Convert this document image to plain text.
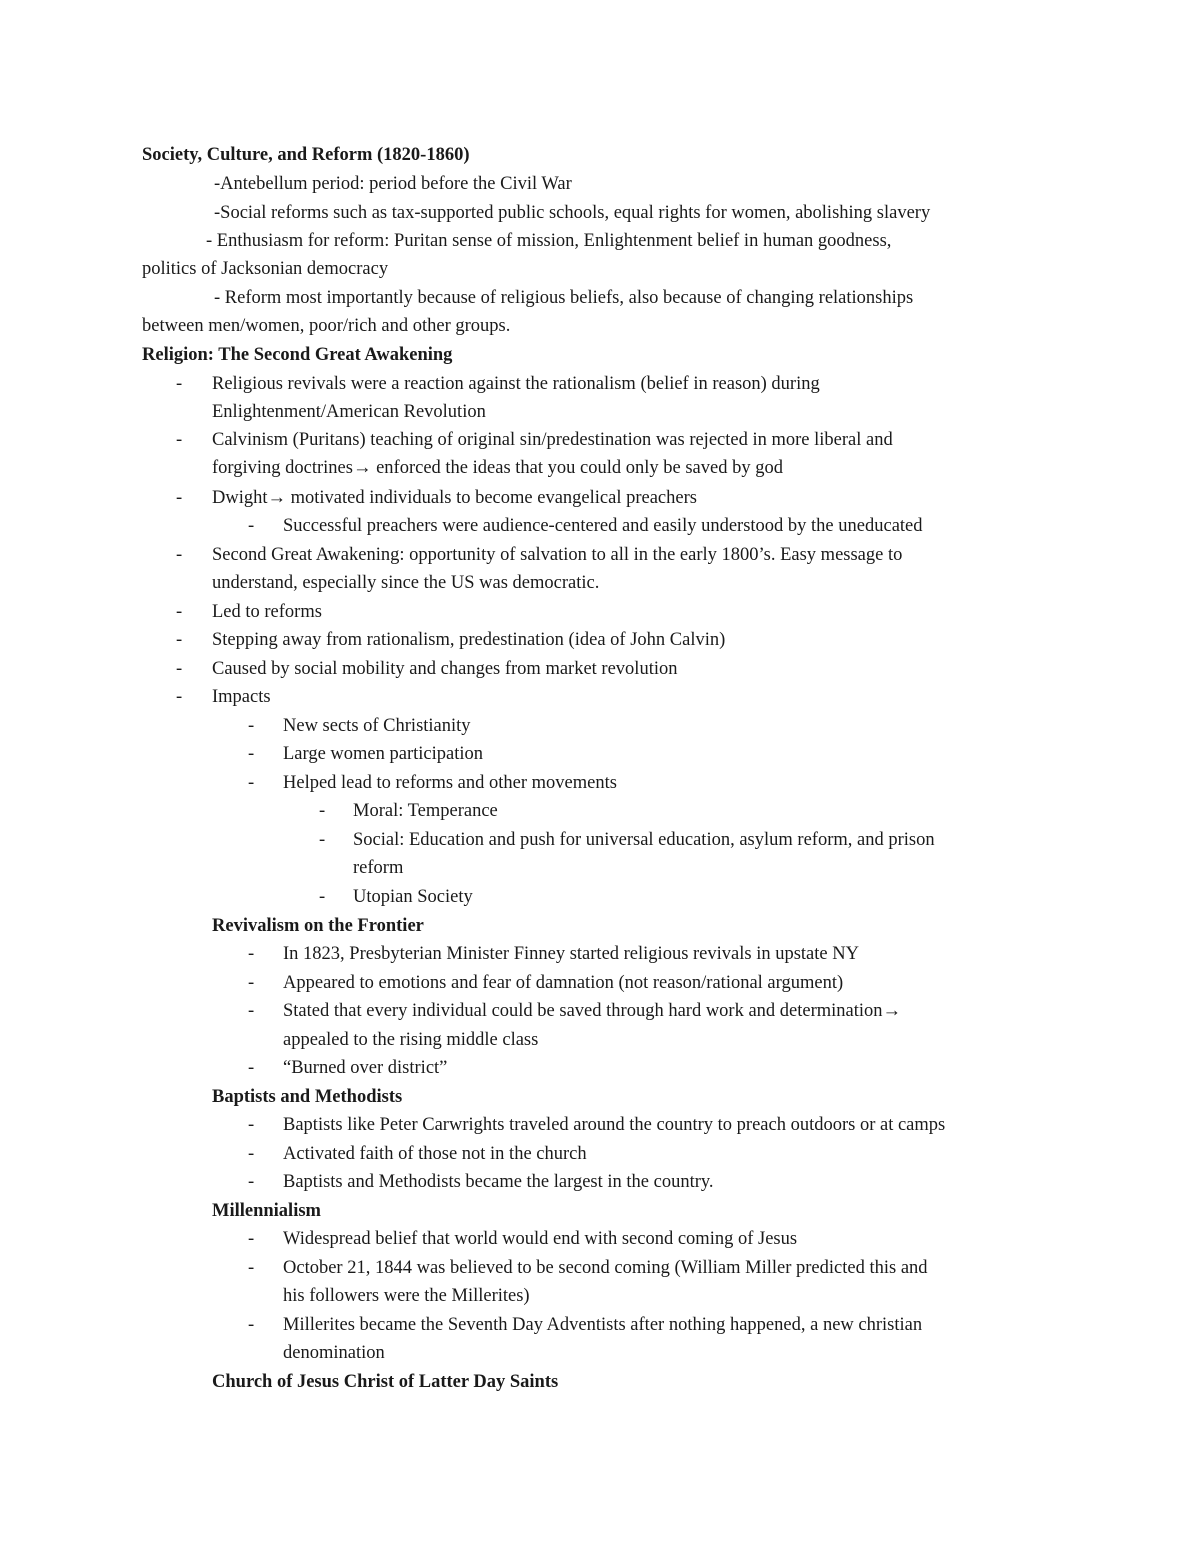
Society, Culture, and Reform (1820-1860)
-Antebellum period: period before the Civil War
-Social reforms such as tax-supported public schools, equal rights for women, abolishing slavery
- Enthusiasm for reform: Puritan sense of mission, Enlightenment belief in human goodness,
politics of Jacksonian democracy
- Reform most importantly because of religious beliefs, also because of changing relationships
between men/women, poor/rich and other groups.
Religion: The Second Great Awakening
- Religious revivals were a reaction against the rationalism (belief in reason) during
Enlightenment/American Revolution
- Calvinism (Puritans) teaching of original sin/predestination was rejected in more liberal and
forgiving doctrines→ enforced the ideas that you could only be saved by god
- Dwight→ motivated individuals to become evangelical preachers
- Successful preachers were audience-centered and easily understood by the uneducated
- Second Great Awakening: opportunity of salvation to all in the early 1800’s. Easy message to
understand, especially since the US was democratic.
- Led to reforms
- Stepping away from rationalism, predestination (idea of John Calvin)
- Caused by social mobility and changes from market revolution
- Impacts
- New sects of Christianity
- Large women participation
- Helped lead to reforms and other movements
- Moral: Temperance
- Social: Education and push for universal education, asylum reform, and prison
reform
- Utopian Society
Revivalism on the Frontier
- In 1823, Presbyterian Minister Finney started religious revivals in upstate NY
- Appeared to emotions and fear of damnation (not reason/rational argument)
- Stated that every individual could be saved through hard work and determination→
appealed to the rising middle class
- “Burned over district”
Baptists and Methodists
- Baptists like Peter Carwrights traveled around the country to preach outdoors or at camps
- Activated faith of those not in the church
- Baptists and Methodists became the largest in the country.
Millennialism
- Widespread belief that world would end with second coming of Jesus
- October 21, 1844 was believed to be second coming (William Miller predicted this and
his followers were the Millerites)
- Millerites became the Seventh Day Adventists after nothing happened, a new christian
denomination
Church of Jesus Christ of Latter Day Saints
